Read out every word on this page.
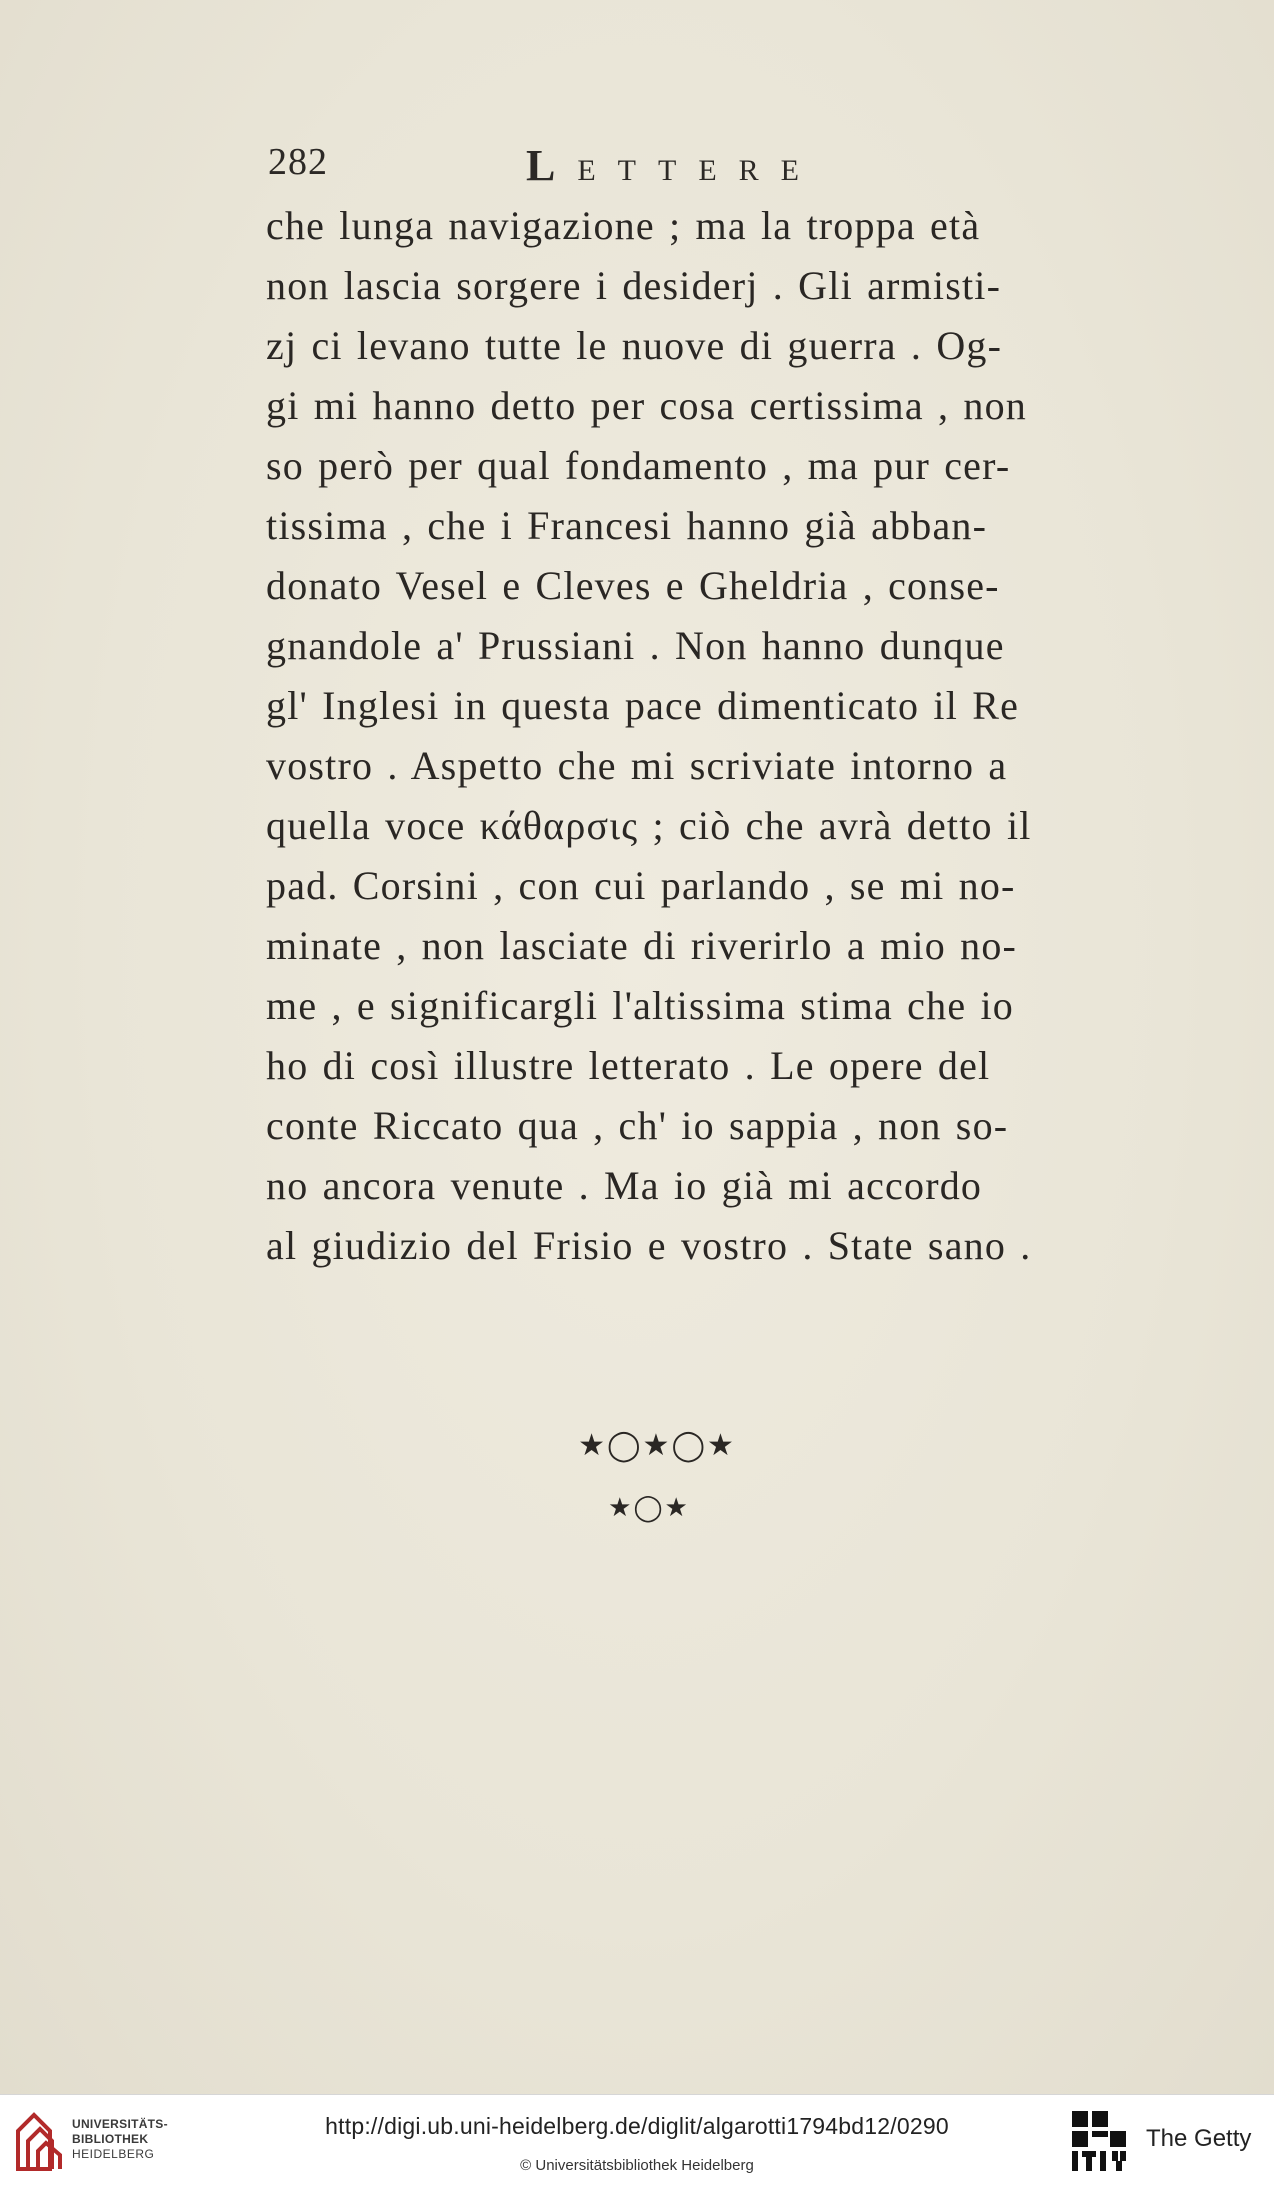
282	LETTERE
che lunga navigazione ; ma la troppa età
non lascia sorgere i desiderj . Gli armisti-
zj ci levano tutte le nuove di guerra . Og-
gi mi hanno detto per cosa certissima , non
so però per qual fondamento , ma pur cer-
tissima , che i Francesi hanno già abban-
donato Vesel e Cleves e Gheldria , conse-
gnandole a' Prussiani . Non hanno dunque
gl' Inglesi in questa pace dimenticato il Re
vostro . Aspetto che mi scriviate intorno a
quella voce κάθαρσις ; ciò che avrà detto il
pad. Corsini , con cui parlando , se mi no-
minate , non lasciate di riverirlo a mio no-
me , e significargli l'altissima stima che io
ho di così illustre letterato . Le opere del
conte Riccato qua , ch' io sappia , non so-
no ancora venute . Ma io già mi accordo
al giudizio del Frisio e vostro . State sano .
★◯★◯★
★◯★
UNIVERSITÄTS-
BIBLIOTHEK
HEIDELBERG
http://digi.ub.uni-heidelberg.de/diglit/algarotti1794bd12/0290
© Universitätsbibliothek Heidelberg
The Getty
